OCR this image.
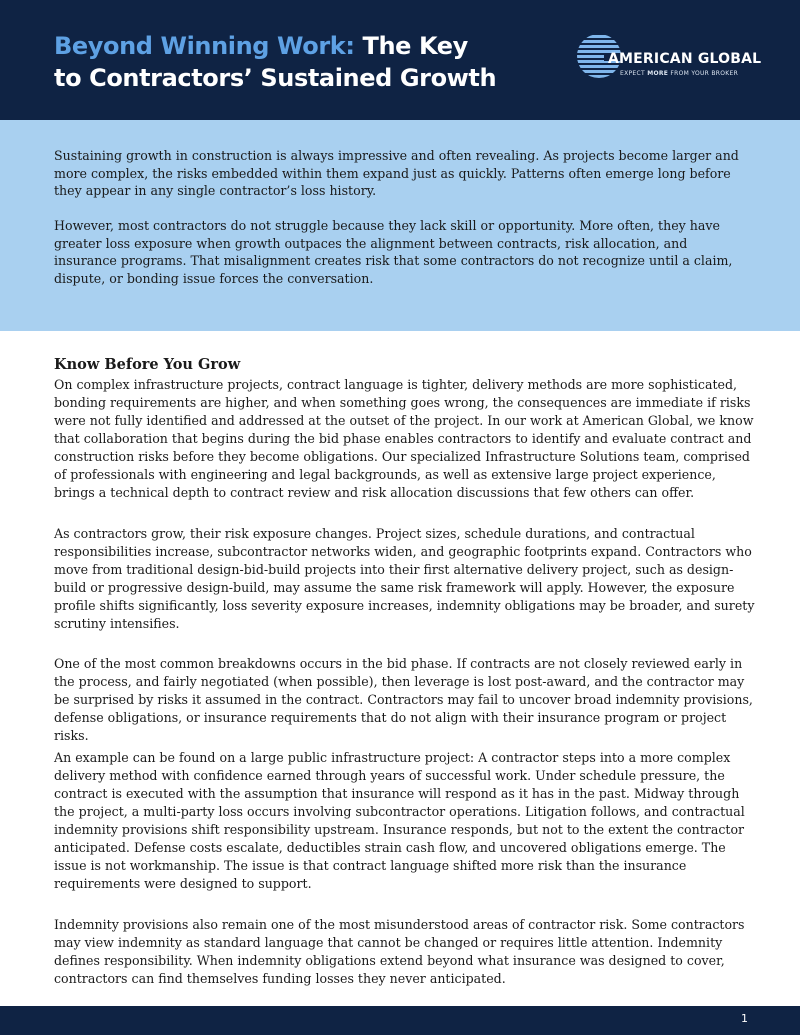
Beyond Winning Work: The Key
to Contractors’ Sustained Growth
AMERICAN GLOBAL
EXPECT MORE FROM YOUR BROKER

Sustaining growth in construction is always impressive and often revealing. As projects become larger and more complex, the risks embedded within them expand just as quickly. Patterns often emerge long before they appear in any single contractor’s loss history.

However, most contractors do not struggle because they lack skill or opportunity. More often, they have greater loss exposure when growth outpaces the alignment between contracts, risk allocation, and insurance programs. That misalignment creates risk that some contractors do not recognize until a claim, dispute, or bonding issue forces the conversation.

Know Before You Grow

On complex infrastructure projects, contract language is tighter, delivery methods are more sophisticated, bonding requirements are higher, and when something goes wrong, the consequences are immediate if risks were not fully identified and addressed at the outset of the project. In our work at American Global, we know that collaboration that begins during the bid phase enables contractors to identify and evaluate contract and construction risks before they become obligations. Our specialized Infrastructure Solutions team, comprised of professionals with engineering and legal backgrounds, as well as extensive large project experience, brings a technical depth to contract review and risk allocation discussions that few others can offer.

As contractors grow, their risk exposure changes. Project sizes, schedule durations, and contractual responsibilities increase, subcontractor networks widen, and geographic footprints expand. Contractors who move from traditional design-bid-build projects into their first alternative delivery project, such as design-build or progressive design-build, may assume the same risk framework will apply. However, the exposure profile shifts significantly, loss severity exposure increases, indemnity obligations may be broader, and surety scrutiny intensifies.

One of the most common breakdowns occurs in the bid phase. If contracts are not closely reviewed early in the process, and fairly negotiated (when possible), then leverage is lost post-award, and the contractor may be surprised by risks it assumed in the contract. Contractors may fail to uncover broad indemnity provisions, defense obligations, or insurance requirements that do not align with their insurance program or project risks.

An example can be found on a large public infrastructure project: A contractor steps into a more complex delivery method with confidence earned through years of successful work. Under schedule pressure, the contract is executed with the assumption that insurance will respond as it has in the past. Midway through the project, a multi-party loss occurs involving subcontractor operations. Litigation follows, and contractual indemnity provisions shift responsibility upstream. Insurance responds, but not to the extent the contractor anticipated. Defense costs escalate, deductibles strain cash flow, and uncovered obligations emerge. The issue is not workmanship. The issue is that contract language shifted more risk than the insurance requirements were designed to support.

Indemnity provisions also remain one of the most misunderstood areas of contractor risk. Some contractors may view indemnity as standard language that cannot be changed or requires little attention. Indemnity defines responsibility. When indemnity obligations extend beyond what insurance was designed to cover, contractors can find themselves funding losses they never anticipated.

1
